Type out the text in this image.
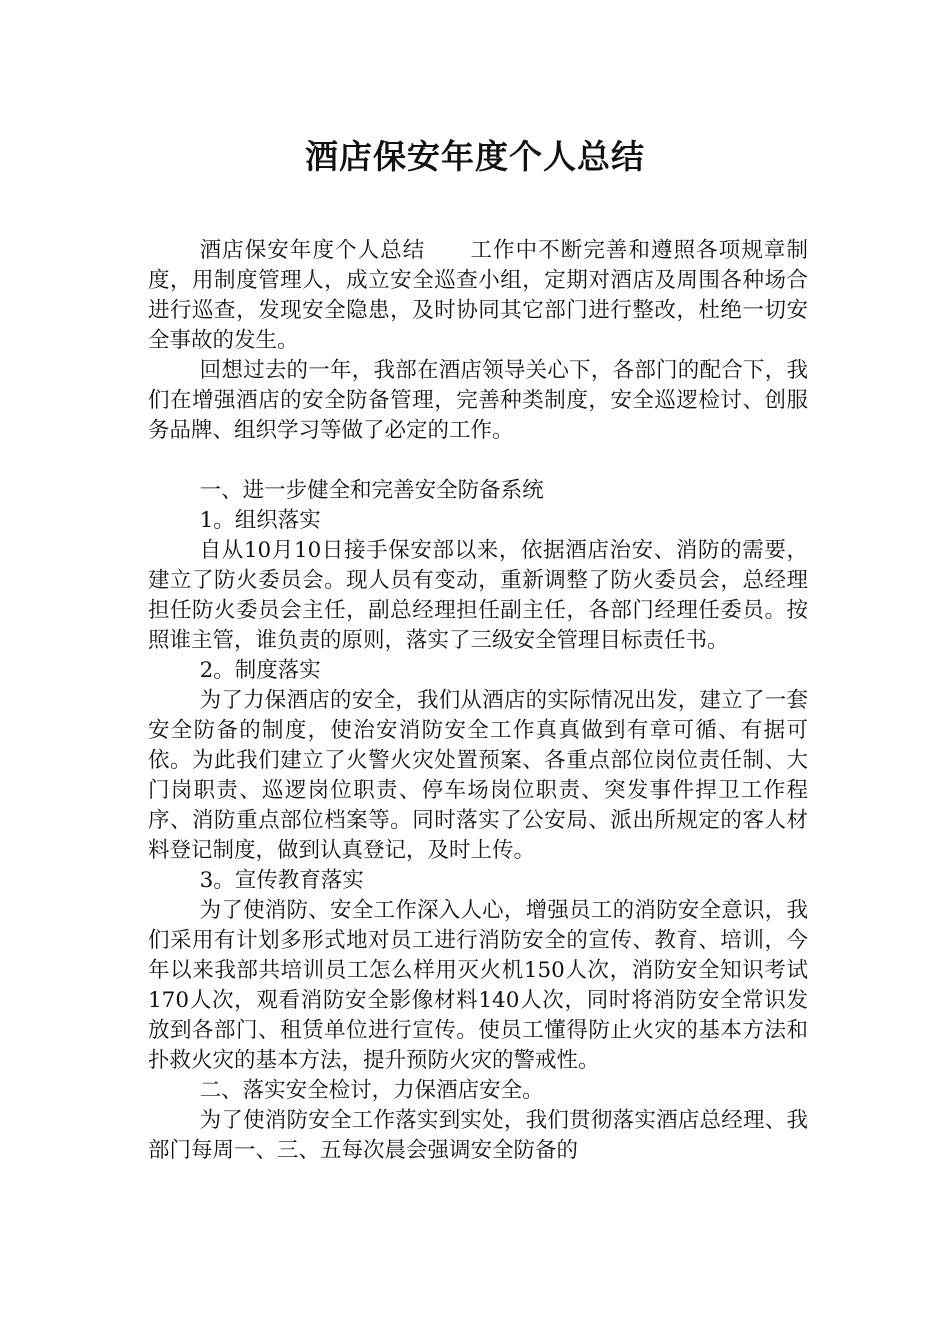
酒店保安年度个人总结

酒店保安年度个人总结　　工作中不断完善和遵照各项规章制度，用制度管理人，成立安全巡查小组，定期对酒店及周围各种场合进行巡查，发现安全隐患，及时协同其它部门进行整改，杜绝一切安全事故的发生。

回想过去的一年，我部在酒店领导关心下，各部门的配合下，我们在增强酒店的安全防备管理，完善种类制度，安全巡逻检讨、创服务品牌、组织学习等做了必定的工作。

一、进一步健全和完善安全防备系统

1。组织落实

自从10月10日接手保安部以来，依据酒店治安、消防的需要，建立了防火委员会。现人员有变动，重新调整了防火委员会，总经理担任防火委员会主任，副总经理担任副主任，各部门经理任委员。按照谁主管，谁负责的原则，落实了三级安全管理目标责任书。

2。制度落实

为了力保酒店的安全，我们从酒店的实际情况出发，建立了一套安全防备的制度，使治安消防安全工作真真做到有章可循、有据可依。为此我们建立了火警火灾处置预案、各重点部位岗位责任制、大门岗职责、巡逻岗位职责、停车场岗位职责、突发事件捍卫工作程序、消防重点部位档案等。同时落实了公安局、派出所规定的客人材料登记制度，做到认真登记，及时上传。

3。宣传教育落实

为了使消防、安全工作深入人心，增强员工的消防安全意识，我们采用有计划多形式地对员工进行消防安全的宣传、教育、培训，今年以来我部共培训员工怎么样用灭火机150人次，消防安全知识考试170人次，观看消防安全影像材料140人次，同时将消防安全常识发放到各部门、租赁单位进行宣传。使员工懂得防止火灾的基本方法和扑救火灾的基本方法，提升预防火灾的警戒性。

二、落实安全检讨，力保酒店安全。

为了使消防安全工作落实到实处，我们贯彻落实酒店总经理、我部门每周一、三、五每次晨会强调安全防备的
